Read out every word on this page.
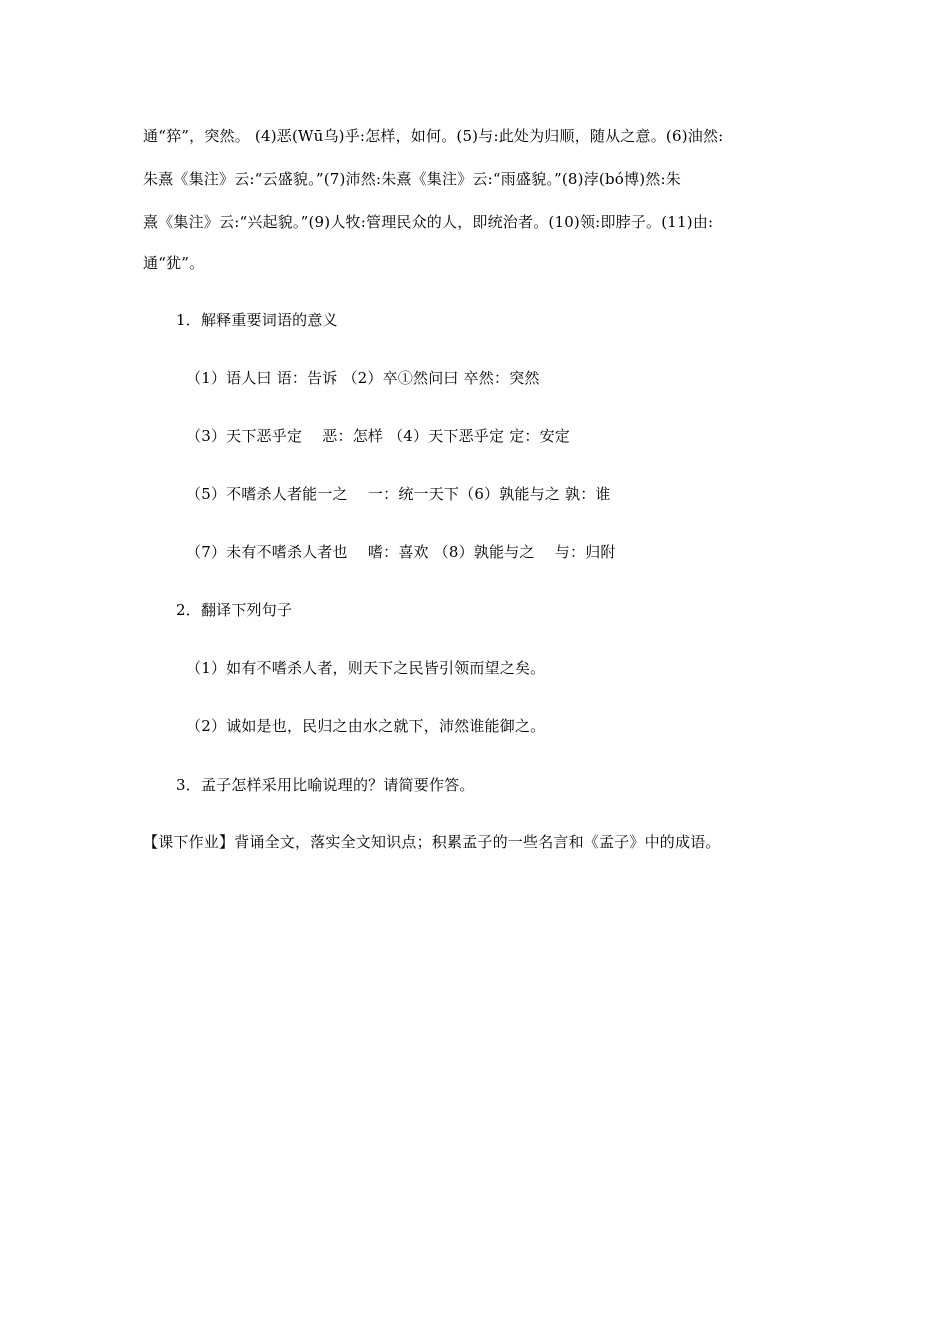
通“猝”，突然。 (4)恶(Wū乌)乎:怎样，如何。(5)与:此处为归顺，随从之意。(6)油然:
朱熹《集注》云:“云盛貌。”(7)沛然:朱熹《集注》云:“雨盛貌。”(8)浡(bó博)然:朱
熹《集注》云:“兴起貌。”(9)人牧:管理民众的人，即统治者。(10)领:即脖子。(11)由:
通“犹”。
1．解释重要词语的意义
（1）语人曰 语：告诉 （2）卒①然问曰 卒然：突然
（3）天下恶乎定　 恶：怎样 （4）天下恶乎定 定：安定
（5）不嗜杀人者能一之　 一：统一天下（6）孰能与之 孰：谁
（7）未有不嗜杀人者也　 嗜：喜欢 （8）孰能与之　 与：归附
2．翻译下列句子
（1）如有不嗜杀人者，则天下之民皆引领而望之矣。
（2）诚如是也，民归之由水之就下，沛然谁能御之。
3．孟子怎样采用比喻说理的？请简要作答。
【课下作业】背诵全文，落实全文知识点；积累孟子的一些名言和《孟子》中的成语。
